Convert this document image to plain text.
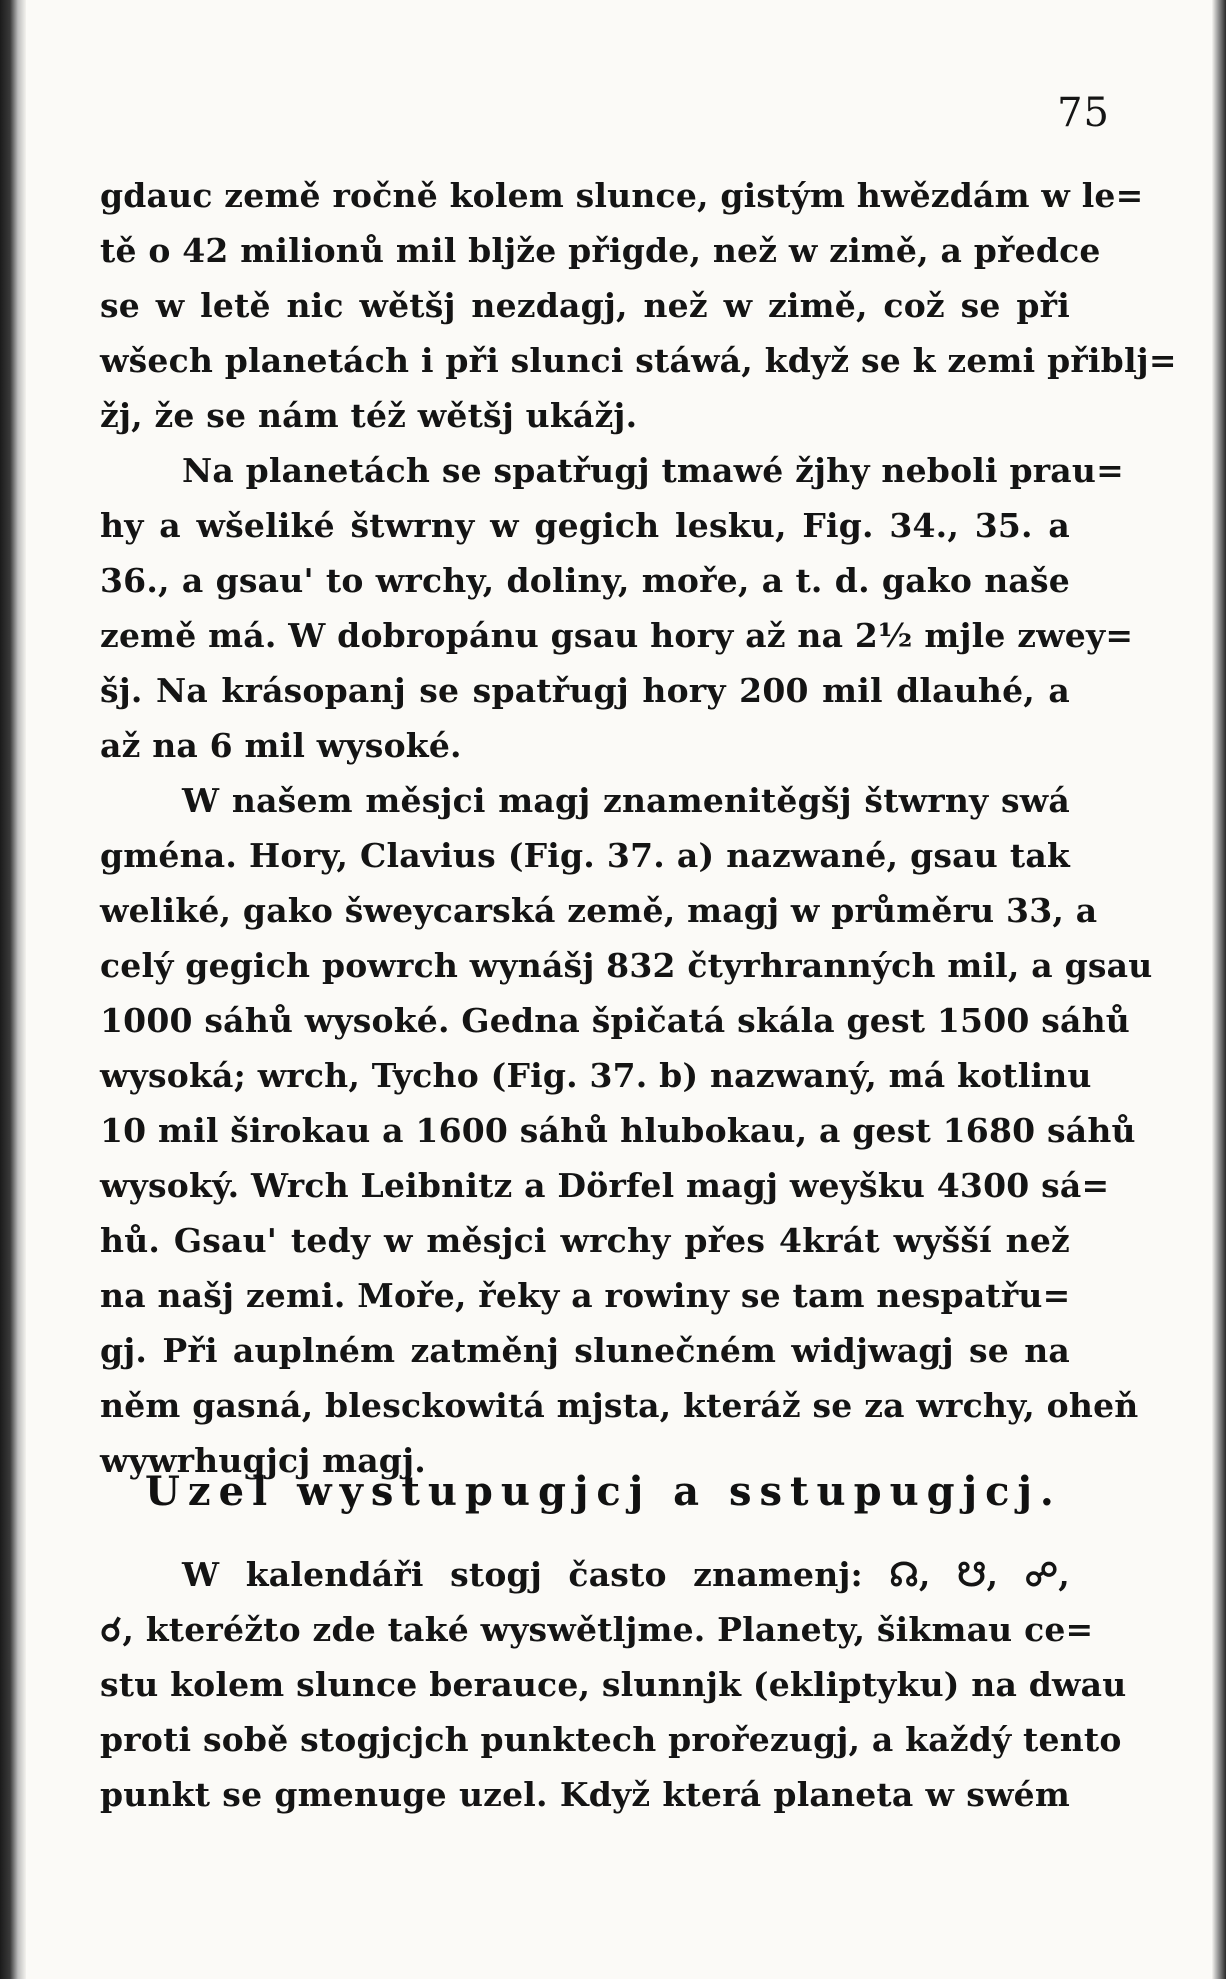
75
gdauc země ročně kolem slunce, gistým hwězdám w le=
tě o 42 milionů mil bljže přigde, než w zimě, a předce
se w letě nic wětšj nezdagj, než w zimě, což se při
wšech planetách i při slunci stáwá, když se k zemi přiblj=
žj, že se nám též wětšj ukážj.
Na planetách se spatřugj tmawé žjhy neboli prau=
hy a wšeliké štwrny w gegich lesku, Fig. 34., 35. a
36., a gsau' to wrchy, doliny, moře, a t. d. gako naše
země má. W dobropánu gsau hory až na 2½ mjle zwey=
šj. Na krásopanj se spatřugj hory 200 mil dlauhé, a
až na 6 mil wysoké.
W našem měsjci magj znamenitěgšj štwrny swá
gména. Hory, Clavius (Fig. 37. a) nazwané, gsau tak
weliké, gako šweycarská země, magj w průměru 33, a
celý gegich powrch wynášj 832 čtyrhranných mil, a gsau
1000 sáhů wysoké. Gedna špičatá skála gest 1500 sáhů
wysoká; wrch, Tycho (Fig. 37. b) nazwaný, má kotlinu
10 mil širokau a 1600 sáhů hlubokau, a gest 1680 sáhů
wysoký. Wrch Leibnitz a Dörfel magj weyšku 4300 sá=
hů. Gsau' tedy w měsjci wrchy přes 4krát wyšší než
na našj zemi. Moře, řeky a rowiny se tam nespatřu=
gj. Při auplném zatměnj slunečném widjwagj se na
něm gasná, blesckowitá mjsta, kteráž se za wrchy, oheň
wywrhugjcj magj.
Uzel wystupugjcj a sstupugjcj.
W kalendáři stogj často znamenj: ☊, ☋, ☍,
☌, kteréžto zde také wyswětljme. Planety, šikmau ce=
stu kolem slunce berauce, slunnjk (ekliptyku) na dwau
proti sobě stogjcjch punktech prořezugj, a každý tento
punkt se gmenuge uzel. Když která planeta w swém
